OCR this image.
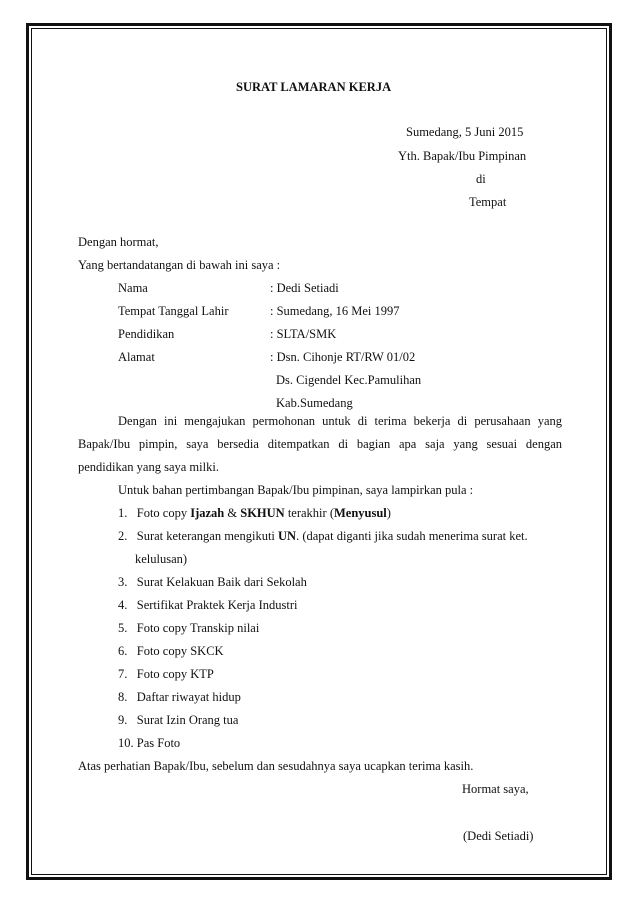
SURAT LAMARAN KERJA
Sumedang, 5 Juni 2015
Yth. Bapak/Ibu Pimpinan
di
Tempat
Dengan hormat,
Yang bertandatangan di bawah ini saya :
Nama	: Dedi Setiadi
Tempat Tanggal Lahir	: Sumedang, 16 Mei 1997
Pendidikan	: SLTA/SMK
Alamat	: Dsn. Cihonje RT/RW 01/02
Ds. Cigendel Kec.Pamulihan
Kab.Sumedang
Dengan ini mengajukan permohonan untuk di terima bekerja di perusahaan yang
Bapak/Ibu pimpin, saya bersedia ditempatkan di bagian apa saja yang sesuai dengan
pendidikan yang saya milki.
Untuk bahan pertimbangan Bapak/Ibu pimpinan, saya lampirkan pula :
1. Foto copy Ijazah & SKHUN terakhir (Menyusul)
2. Surat keterangan mengikuti UN. (dapat diganti jika sudah menerima surat ket.
kelulusan)
3. Surat Kelakuan Baik dari Sekolah
4. Sertifikat Praktek Kerja Industri
5. Foto copy Transkip nilai
6. Foto copy SKCK
7. Foto copy KTP
8. Daftar riwayat hidup
9. Surat Izin Orang tua
10. Pas Foto
Atas perhatian Bapak/Ibu, sebelum dan sesudahnya saya ucapkan terima kasih.
Hormat saya,
(Dedi Setiadi)
